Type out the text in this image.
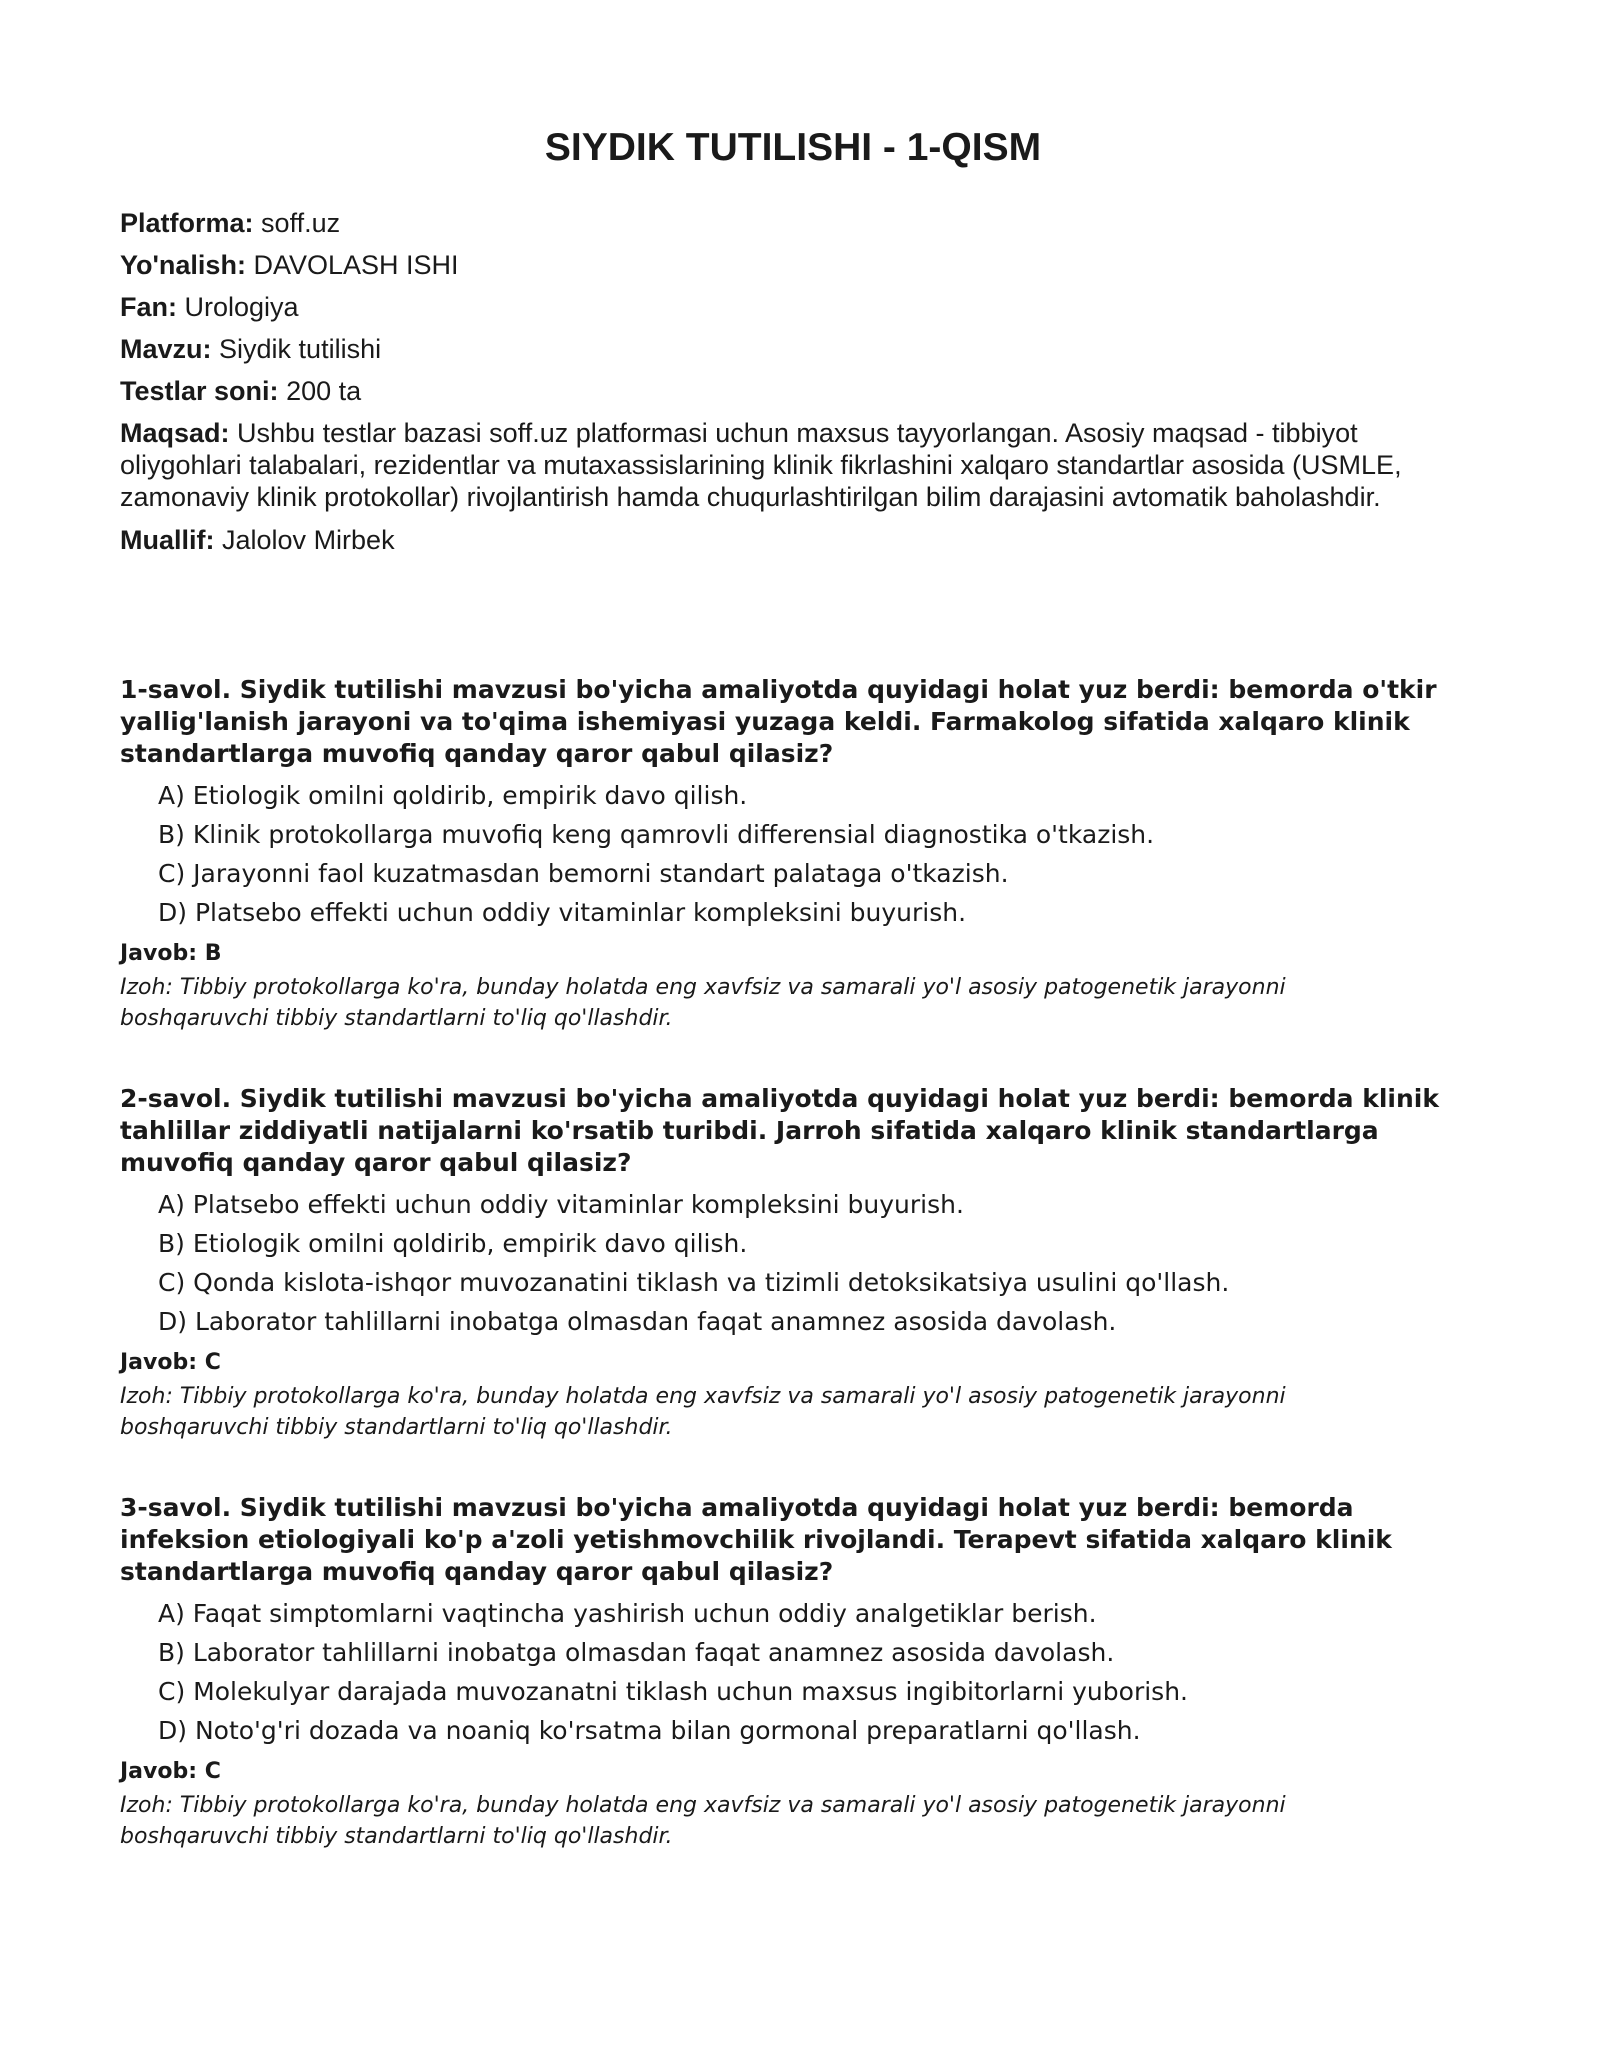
SIYDIK TUTILISHI - 1-QISM
Platforma: soff.uz
Yo'nalish: DAVOLASH ISHI
Fan: Urologiya
Mavzu: Siydik tutilishi
Testlar soni: 200 ta
Maqsad: Ushbu testlar bazasi soff.uz platformasi uchun maxsus tayyorlangan. Asosiy maqsad - tibbiyot oliygohlari talabalari, rezidentlar va mutaxassislarining klinik fikrlashini xalqaro standartlar asosida (USMLE, zamonaviy klinik protokollar) rivojlantirish hamda chuqurlashtirilgan bilim darajasini avtomatik baholashdir.
Muallif: Jalolov Mirbek

1-savol. Siydik tutilishi mavzusi bo'yicha amaliyotda quyidagi holat yuz berdi: bemorda o'tkir yallig'lanish jarayoni va to'qima ishemiyasi yuzaga keldi. Farmakolog sifatida xalqaro klinik standartlarga muvofiq qanday qaror qabul qilasiz?

A) Etiologik omilni qoldirib, empirik davo qilish.
B) Klinik protokollarga muvofiq keng qamrovli differensial diagnostika o'tkazish.
C) Jarayonni faol kuzatmasdan bemorni standart palataga o'tkazish.
D) Platsebo effekti uchun oddiy vitaminlar kompleksini buyurish.
Javob: B
Izoh: Tibbiy protokollarga ko'ra, bunday holatda eng xavfsiz va samarali yo'l asosiy patogenetik jarayonni boshqaruvchi tibbiy standartlarni to'liq qo'llashdir.

2-savol. Siydik tutilishi mavzusi bo'yicha amaliyotda quyidagi holat yuz berdi: bemorda klinik tahlillar ziddiyatli natijalarni ko'rsatib turibdi. Jarroh sifatida xalqaro klinik standartlarga muvofiq qanday qaror qabul qilasiz?

A) Platsebo effekti uchun oddiy vitaminlar kompleksini buyurish.
B) Etiologik omilni qoldirib, empirik davo qilish.
C) Qonda kislota-ishqor muvozanatini tiklash va tizimli detoksikatsiya usulini qo'llash.
D) Laborator tahlillarni inobatga olmasdan faqat anamnez asosida davolash.
Javob: C
Izoh: Tibbiy protokollarga ko'ra, bunday holatda eng xavfsiz va samarali yo'l asosiy patogenetik jarayonni boshqaruvchi tibbiy standartlarni to'liq qo'llashdir.

3-savol. Siydik tutilishi mavzusi bo'yicha amaliyotda quyidagi holat yuz berdi: bemorda infeksion etiologiyali ko'p a'zoli yetishmovchilik rivojlandi. Terapevt sifatida xalqaro klinik standartlarga muvofiq qanday qaror qabul qilasiz?

A) Faqat simptomlarni vaqtincha yashirish uchun oddiy analgetiklar berish.
B) Laborator tahlillarni inobatga olmasdan faqat anamnez asosida davolash.
C) Molekulyar darajada muvozanatni tiklash uchun maxsus ingibitorlarni yuborish.
D) Noto'g'ri dozada va noaniq ko'rsatma bilan gormonal preparatlarni qo'llash.
Javob: C
Izoh: Tibbiy protokollarga ko'ra, bunday holatda eng xavfsiz va samarali yo'l asosiy patogenetik jarayonni boshqaruvchi tibbiy standartlarni to'liq qo'llashdir.
